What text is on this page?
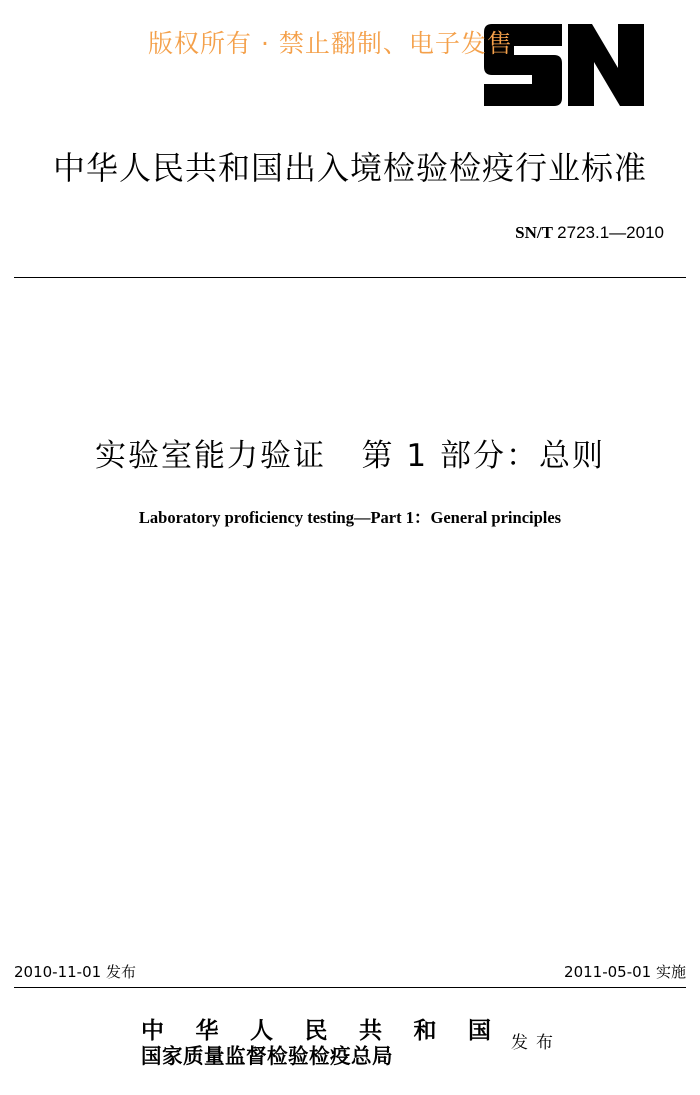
版权所有 · 禁止翻制、电子发售
中华人民共和国出入境检验检疫行业标准
SN/T 2723.1—2010
实验室能力验证   第 1 部分：总则
Laboratory proficiency testing—Part 1：General principles
2010-11-01 发布	2011-05-01 实施
中 华 人 民 共 和 国
国家质量监督检验检疫总局
发布
